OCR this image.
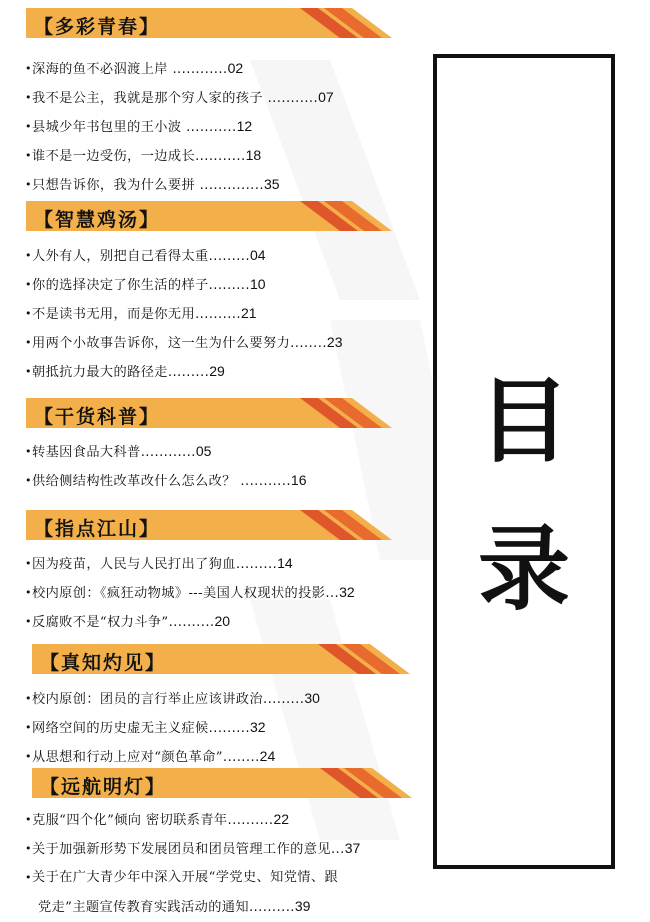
【多彩青春】
• 深海的鱼不必泅渡上岸 ............02
• 我不是公主，我就是那个穷人家的孩子 ...........07
• 县城少年书包里的王小波 ...........12
• 谁不是一边受伤，一边成长...........18
• 只想告诉你，我为什么要拼 ..............35
【智慧鸡汤】
• 人外有人，别把自己看得太重.........04
• 你的选择决定了你生活的样子.........10
• 不是读书无用，而是你无用..........21
• 用两个小故事告诉你，这一生为什么要努力........23
• 朝抵抗力最大的路径走.........29
【干货科普】
• 转基因食品大科普............05
• 供给侧结构性改革改什么怎么改？ ...........16
【指点江山】
• 因为疫苗，人民与人民打出了狗血.........14
• 校内原创：《疯狂动物城》---美国人权现状的投影...32
• 反腐败不是“权力斗争”..........20
【真知灼见】
• 校内原创：团员的言行举止应该讲政治.........30
• 网络空间的历史虚无主义症候.........32
• 从思想和行动上应对“颜色革命”........24
【远航明灯】
• 克服“四个化”倾向 密切联系青年..........22
• 关于加强新形势下发展团员和团员管理工作的意见...37
• 关于在广大青少年中深入开展“学党史、知党情、跟
党走”主题宣传教育实践活动的通知..........39
目
录
